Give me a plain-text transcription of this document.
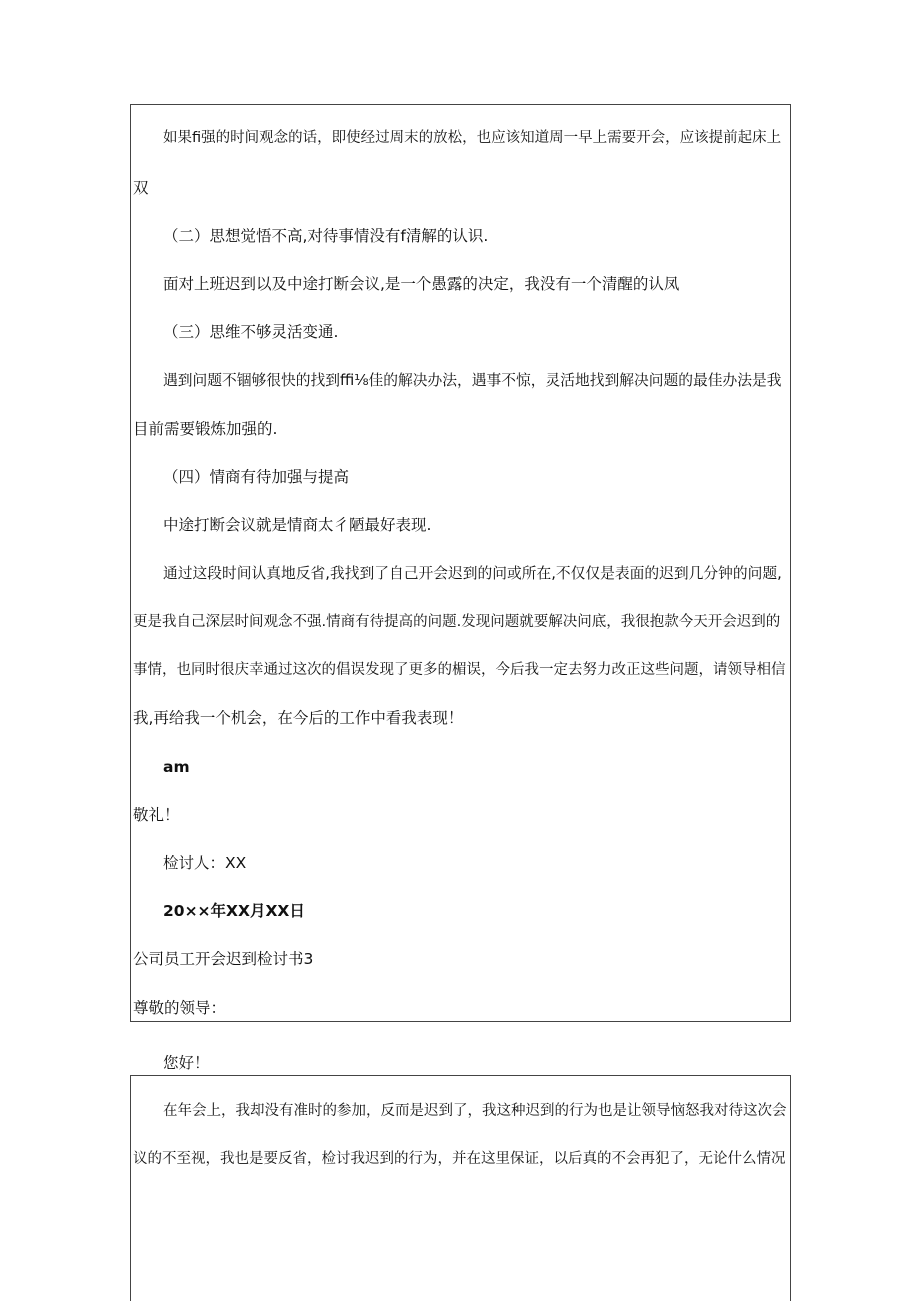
如果fi强的时间观念的话，即使经过周末的放松，也应该知道周一早上需要开会，应该提前起床上

双

（二）思想觉悟不高,对待事情没有f清解的认识.

面对上班迟到以及中途打断会议,是一个愚露的决定，我没有一个清醒的认凤

（三）思维不够灵活变通.

遇到问题不锢够很快的找到ffi⅛佳的解决办法，遇事不惊，灵活地找到解决问题的最佳办法是我

目前需要锻炼加强的.

（四）情商有待加强与提高

中途打断会议就是情商太彳陋最好表现.

通过这段时间认真地反省,我找到了自己开会迟到的问或所在,不仅仅是表面的迟到几分钟的问题,

更是我自己深层时间观念不强.情商有待提高的问题.发现问题就要解决问底，我很抱款今天开会迟到的

事情，也同时很庆幸通过这次的倡误发现了更多的楣误，今后我一定去努力改正这些问题，请领导相信

我,再给我一个机会，在今后的工作中看我表现！

am

敬礼！

检讨人：XX

20××年XX月XX日

公司员工开会迟到检讨书3

尊敬的领导：

您好！

在年会上，我却没有准时的参加，反而是迟到了，我这种迟到的行为也是让领导恼怒我对待这次会

议的不至视，我也是要反省，检讨我迟到的行为，并在这里保证，以后真的不会再犯了，无论什么情况
